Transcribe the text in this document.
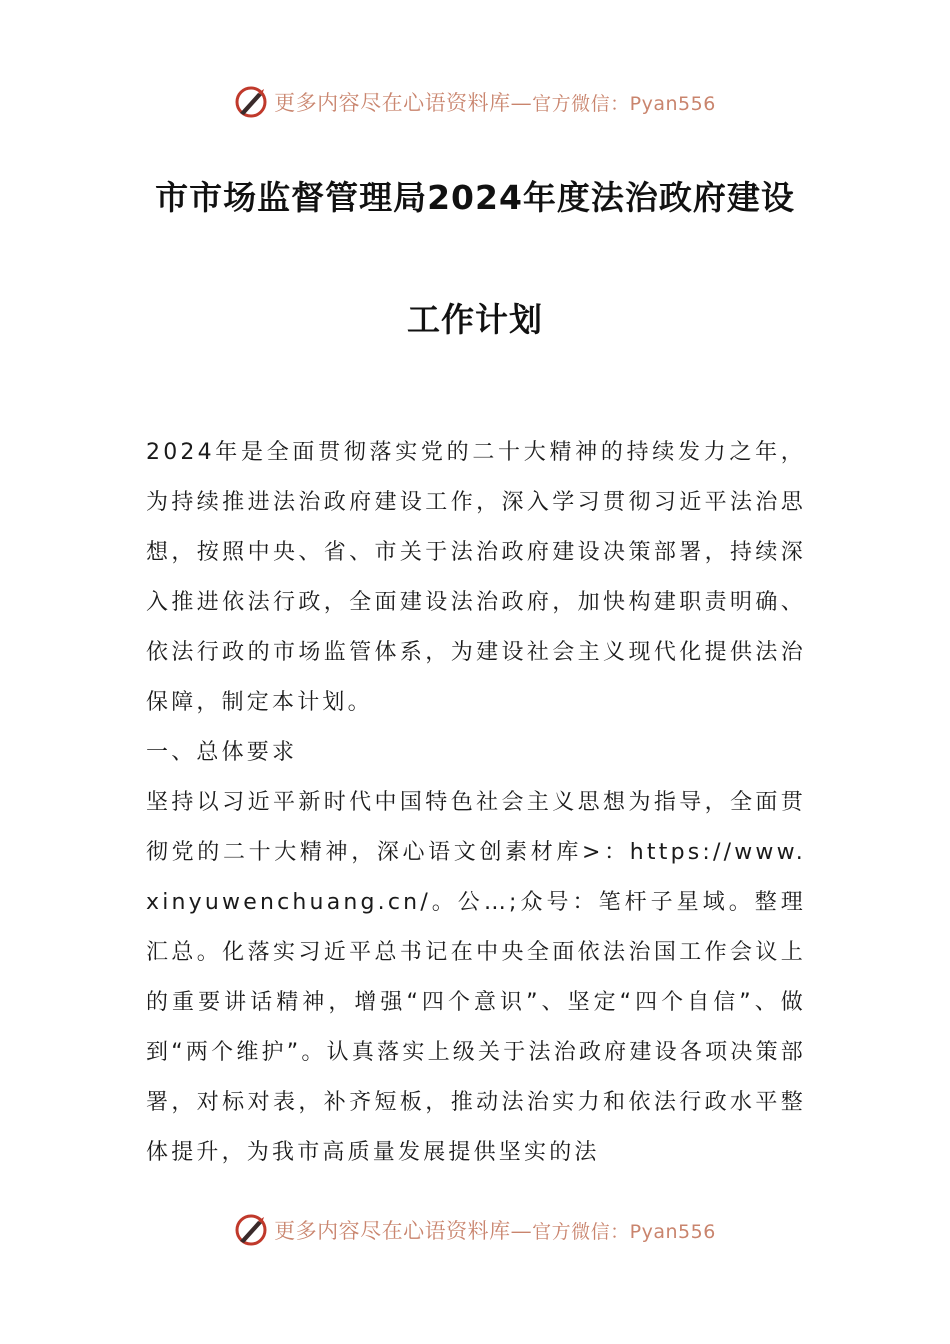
更多内容尽在心语资料库—官方微信：Pyan556
市市场监督管理局2024年度法治政府建设
工作计划

2024年是全面贯彻落实党的二十大精神的持续发力之年，为持续推进法治政府建设工作，深入学习贯彻习近平法治思想，按照中央、省、市关于法治政府建设决策部署，持续深入推进依法行政，全面建设法治政府，加快构建职责明确、依法行政的市场监管体系，为建设社会主义现代化提供法治保障，制定本计划。

一、总体要求

坚持以习近平新时代中国特色社会主义思想为指导，全面贯彻党的二十大精神，深心语文创素材库>：https://www.xinyuwenchuang.cn/。公…;众号：笔杆子星域。整理汇总。化落实习近平总书记在中央全面依法治国工作会议上的重要讲话精神，增强“四个意识”、坚定“四个自信”、做到“两个维护”。认真落实上级关于法治政府建设各项决策部署，对标对表，补齐短板，推动法治实力和依法行政水平整体提升，为我市高质量发展提供坚实的法

更多内容尽在心语资料库—官方微信：Pyan556
